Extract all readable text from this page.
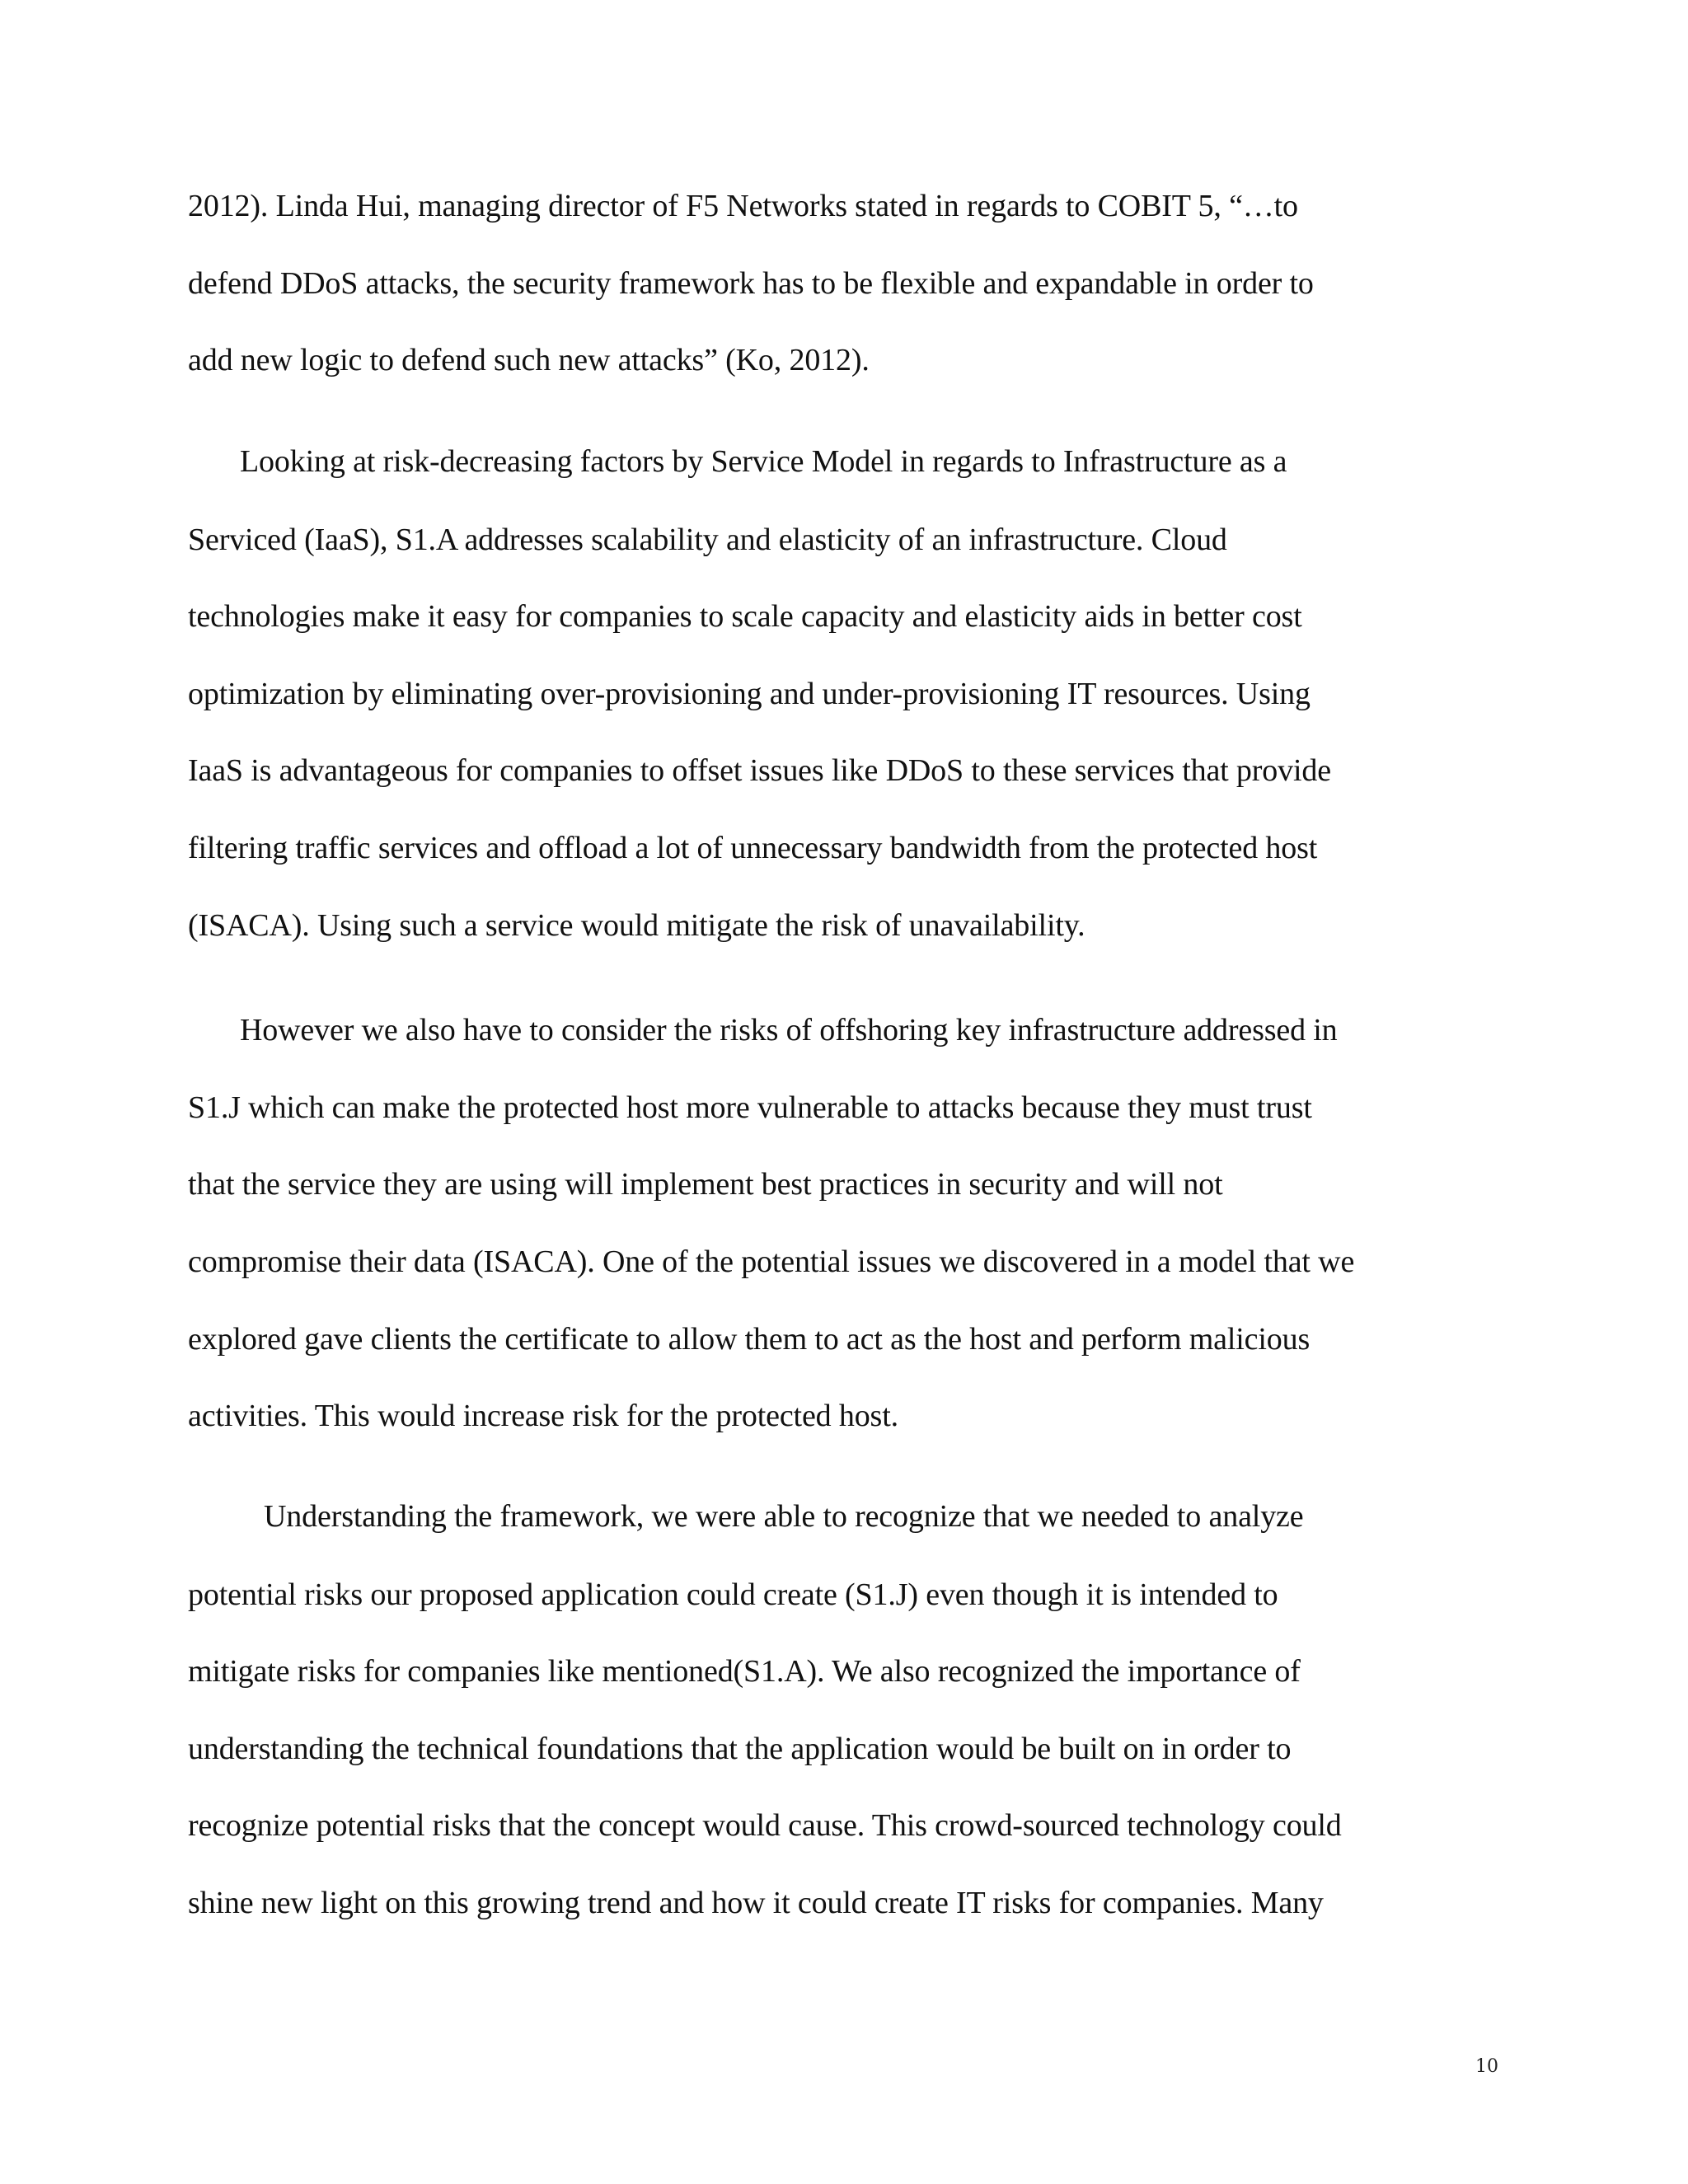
2012). Linda Hui, managing director of F5 Networks stated in regards to COBIT 5, “…to

defend DDoS attacks, the security framework has to be flexible and expandable in order to

add new logic to defend such new attacks” (Ko, 2012).

Looking at risk-decreasing factors by Service Model in regards to Infrastructure as a

Serviced (IaaS), S1.A addresses scalability and elasticity of an infrastructure. Cloud

technologies make it easy for companies to scale capacity and elasticity aids in better cost

optimization by eliminating over-provisioning and under-provisioning IT resources. Using

IaaS is advantageous for companies to offset issues like DDoS to these services that provide

filtering traffic services and offload a lot of unnecessary bandwidth from the protected host

(ISACA). Using such a service would mitigate the risk of unavailability.

However we also have to consider the risks of offshoring key infrastructure addressed in

S1.J which can make the protected host more vulnerable to attacks because they must trust

that the service they are using will implement best practices in security and will not

compromise their data (ISACA). One of the potential issues we discovered in a model that we

explored gave clients the certificate to allow them to act as the host and perform malicious

activities. This would increase risk for the protected host.

Understanding the framework, we were able to recognize that we needed to analyze

potential risks our proposed application could create (S1.J) even though it is intended to

mitigate risks for companies like mentioned(S1.A). We also recognized the importance of

understanding the technical foundations that the application would be built on in order to

recognize potential risks that the concept would cause. This crowd-sourced technology could

shine new light on this growing trend and how it could create IT risks for companies. Many

10
